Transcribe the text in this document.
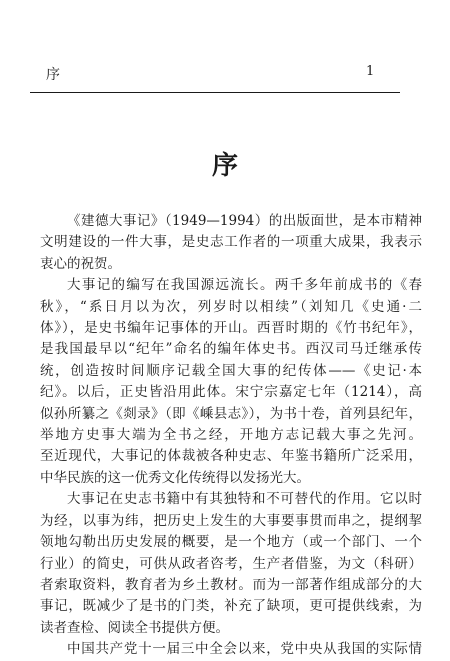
序	1
序
《建德大事记》（1949—1994）的出版面世，是本市精神
文明建设的一件大事，是史志工作者的一项重大成果，我表示
衷心的祝贺。
大事记的编写在我国源远流长。两千多年前成书的《春
秋》，“系日月以为次，列岁时以相续”（刘知几《史通·二
体》），是史书编年记事体的开山。西晋时期的《竹书纪年》，
是我国最早以“纪年”命名的编年体史书。西汉司马迁继承传
统，创造按时间顺序记载全国大事的纪传体——《史记·本
纪》。以后，正史皆沿用此体。宋宁宗嘉定七年（1214），高
似孙所纂之《剡录》（即《嵊县志》），为书十卷，首列县纪年，
举地方史事大端为全书之经，开地方志记载大事之先河。
至近现代，大事记的体裁被各种史志、年鉴书籍所广泛采用，
中华民族的这一优秀文化传统得以发扬光大。
大事记在史志书籍中有其独特和不可替代的作用。它以时
为经，以事为纬，把历史上发生的大事要事贯而串之，提纲挈
领地勾勒出历史发展的概要，是一个地方（或一个部门、一个
行业）的简史，可供从政者咨考，生产者借鉴，为文（科研）
者索取资料，教育者为乡土教材。而为一部著作组成部分的大
事记，既减少了是书的门类，补充了缺项，更可提供线索，为
读者查检、阅读全书提供方便。
中国共产党十一届三中全会以来，党中央从我国的实际情
